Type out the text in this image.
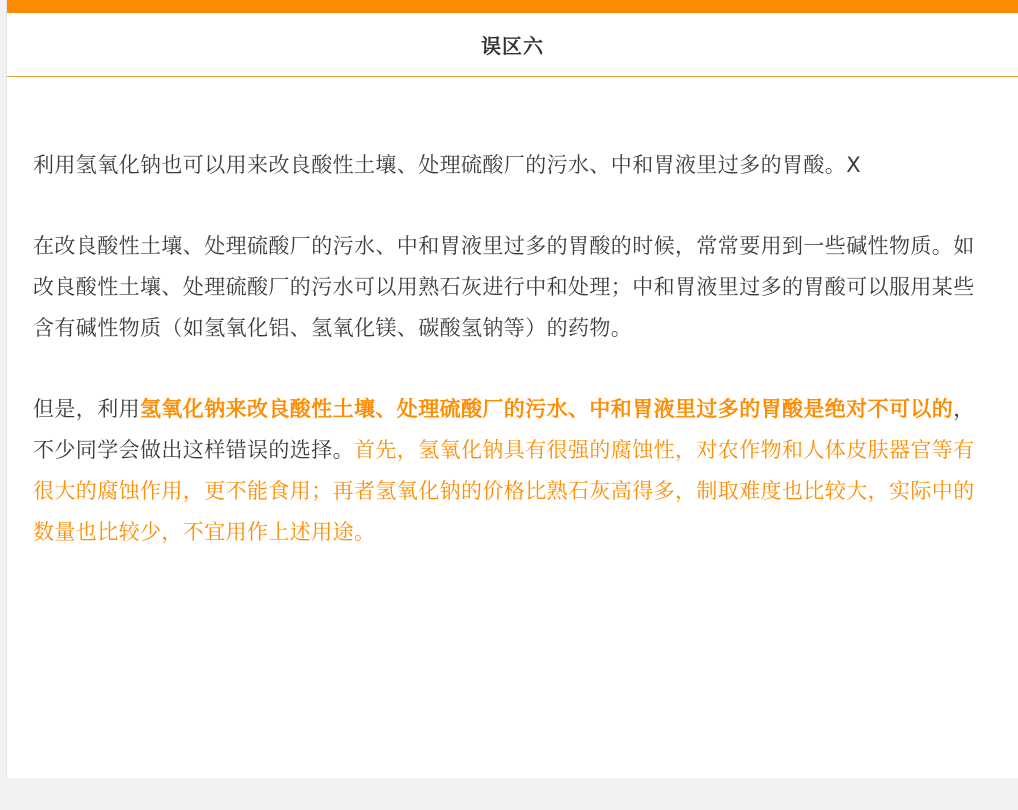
误区六

利用氢氧化钠也可以用来改良酸性土壤、处理硫酸厂的污水、中和胃液里过多的胃酸。X

在改良酸性土壤、处理硫酸厂的污水、中和胃液里过多的胃酸的时候，常常要用到一些碱性物质。如改良酸性土壤、处理硫酸厂的污水可以用熟石灰进行中和处理；中和胃液里过多的胃酸可以服用某些含有碱性物质（如氢氧化铝、氢氧化镁、碳酸氢钠等）的药物。

但是，利用氢氧化钠来改良酸性土壤、处理硫酸厂的污水、中和胃液里过多的胃酸是绝对不可以的，不少同学会做出这样错误的选择。首先，氢氧化钠具有很强的腐蚀性，对农作物和人体皮肤器官等有很大的腐蚀作用，更不能食用；再者氢氧化钠的价格比熟石灰高得多，制取难度也比较大，实际中的数量也比较少，不宜用作上述用途。
